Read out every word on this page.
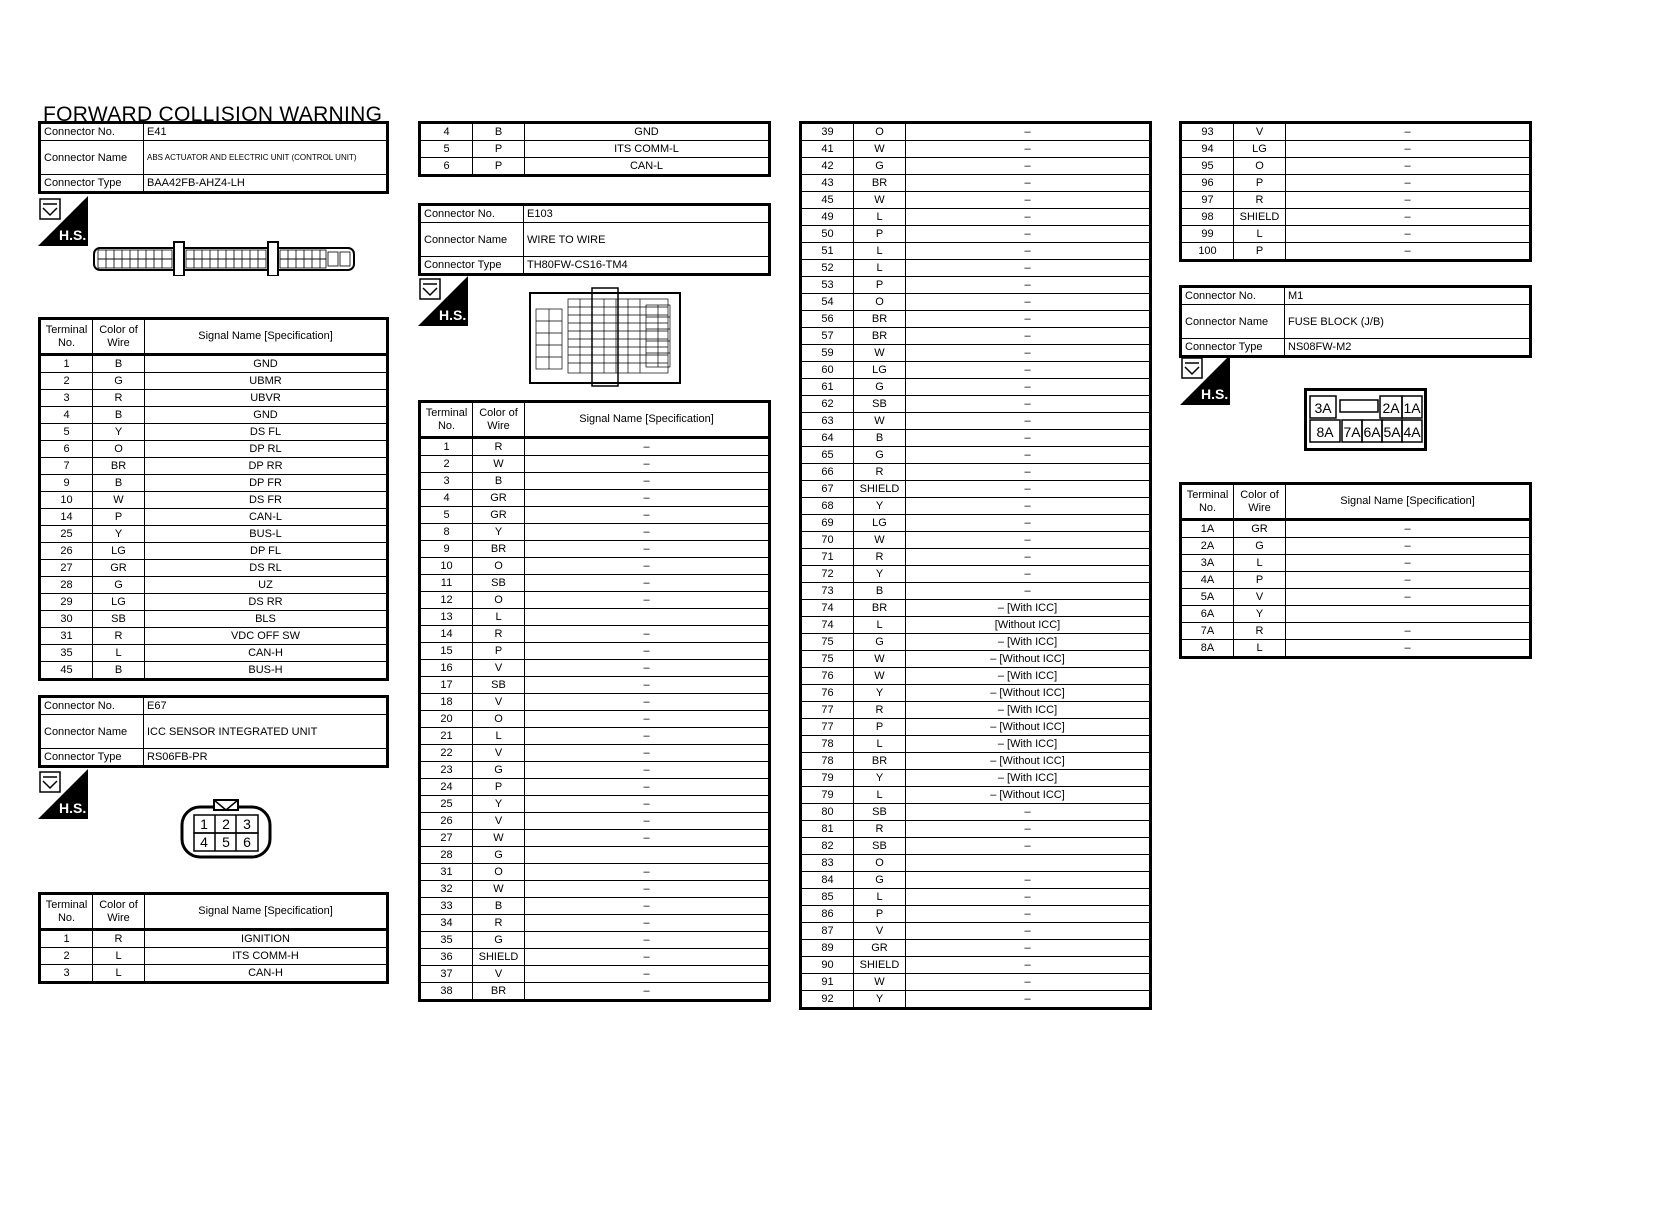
FORWARD COLLISION WARNING
Connector No.	E41
Connector Name	ABS ACTUATOR AND ELECTRIC UNIT (CONTROL UNIT)
Connector Type	BAA42FB-AHZ4-LH
H.S.
Terminal No.	Color of Wire	Signal Name [Specification]
1	B	GND
2	G	UBMR
3	R	UBVR
4	B	GND
5	Y	DS FL
6	O	DP RL
7	BR	DP RR
9	B	DP FR
10	W	DS FR
14	P	CAN-L
25	Y	BUS-L
26	LG	DP FL
27	GR	DS RL
28	G	UZ
29	LG	DS RR
30	SB	BLS
31	R	VDC OFF SW
35	L	CAN-H
45	B	BUS-H
Connector No.	E67
Connector Name	ICC SENSOR INTEGRATED UNIT
Connector Type	RS06FB-PR
H.S.
1 2 3
4 5 6
Terminal No.	Color of Wire	Signal Name [Specification]
1	R	IGNITION
2	L	ITS COMM-H
3	L	CAN-H
4	B	GND
5	P	ITS COMM-L
6	P	CAN-L
Connector No.	E103
Connector Name	WIRE TO WIRE
Connector Type	TH80FW-CS16-TM4
H.S.
Terminal No.	Color of Wire	Signal Name [Specification]
1	R	–
2	W	–
3	B	–
4	GR	–
5	GR	–
8	Y	–
9	BR	–
10	O	–
11	SB	–
12	O	–
13	L	
14	R	–
15	P	–
16	V	–
17	SB	–
18	V	–
20	O	–
21	L	–
22	V	–
23	G	–
24	P	–
25	Y	–
26	V	–
27	W	–
28	G	
31	O	–
32	W	–
33	B	–
34	R	–
35	G	–
36	SHIELD	–
37	V	–
38	BR	–
39	O	–
41	W	–
42	G	–
43	BR	–
45	W	–
49	L	–
50	P	–
51	L	–
52	L	–
53	P	–
54	O	–
56	BR	–
57	BR	–
59	W	–
60	LG	–
61	G	–
62	SB	–
63	W	–
64	B	–
65	G	–
66	R	–
67	SHIELD	–
68	Y	–
69	LG	–
70	W	–
71	R	–
72	Y	–
73	B	–
74	BR	– [With ICC]
74	L	[Without ICC]
75	G	– [With ICC]
75	W	– [Without ICC]
76	W	– [With ICC]
76	Y	– [Without ICC]
77	R	– [With ICC]
77	P	– [Without ICC]
78	L	– [With ICC]
78	BR	– [Without ICC]
79	Y	– [With ICC]
79	L	– [Without ICC]
80	SB	–
81	R	–
82	SB	–
83	O	
84	G	–
85	L	–
86	P	–
87	V	–
89	GR	–
90	SHIELD	–
91	W	–
92	Y	–
93	V	–
94	LG	–
95	O	–
96	P	–
97	R	–
98	SHIELD	–
99	L	–
100	P	–
Connector No.	M1
Connector Name	FUSE BLOCK (J/B)
Connector Type	NS08FW-M2
H.S.
3A	2A 1A
8A 7A 6A 5A 4A
Terminal No.	Color of Wire	Signal Name [Specification]
1A	GR	–
2A	G	–
3A	L	–
4A	P	–
5A	V	–
6A	Y	
7A	R	–
8A	L	–
